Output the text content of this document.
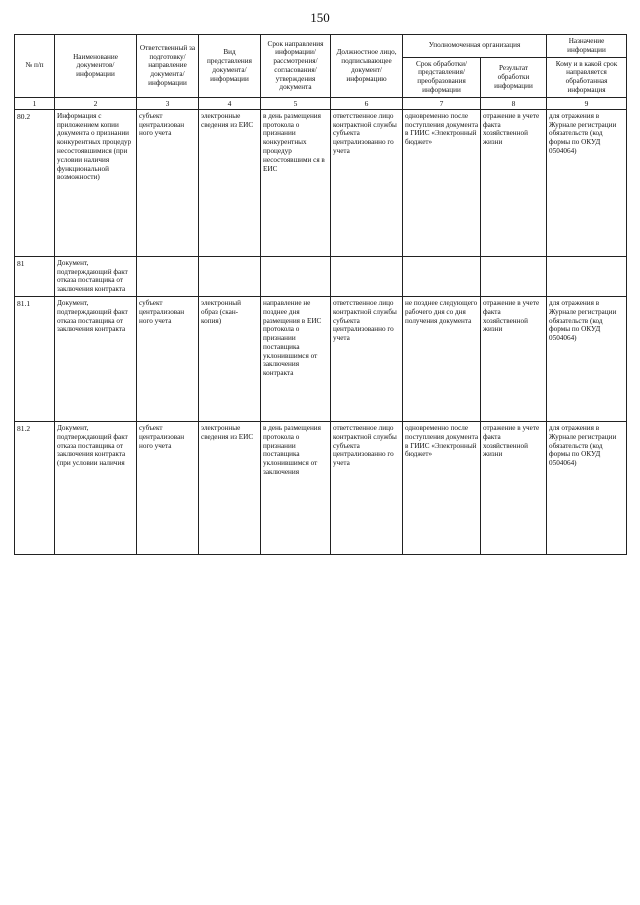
150
№ п/п	Наименование документов/ информации	Ответственный за подготовку/ направление документа/ информации	Вид представления документа/ информации	Срок направления информации/ рассмотрения/ согласования/ утверждения документа	Должностное лицо, подписывающее документ/ информацию	Уполномоченная организация		Назначение информации
						Срок обработки/ представления/ преобразования информации	Результат обработки информации	Кому и в какой срок направляется обработанная информация
1	2	3	4	5	6	7	8	9
80.2	Информация с приложением копии документа о признании конкурентных процедур несостоявшимися (при условии наличия функциональной возможности)	субъект централизован ного учета	электронные сведения из ЕИС	в день размещения протокола о признании конкурентных процедур несостоявшими ся в ЕИС	ответственное лицо контрактной службы субъекта централизованно го учета	одновременно после поступления документа в ГИИС «Электронный бюджет»	отражение в учете факта хозяйственной жизни	для отражения в Журнале регистрации обязательств (код формы по ОКУД 0504064)
81	Документ, подтверждающий факт отказа поставщика от заключения контракта							
81.1	Документ, подтверждающий факт отказа поставщика от заключения контракта	субъект централизован ного учета	электронный образ (скан-копия)	направление не позднее дня размещения в ЕИС протокола о признании поставщика уклонившимся от заключения контракта	ответственное лицо контрактной службы субъекта централизованно го учета	не позднее следующего рабочего дня со дня получения документа	отражение в учете факта хозяйственной жизни	для отражения в Журнале регистрации обязательств (код формы по ОКУД 0504064)
81.2	Документ, подтверждающий факт отказа поставщика от заключения контракта (при условии наличия	субъект централизован ного учета	электронные сведения из ЕИС	в день размещения протокола о признании поставщика уклонившимся от заключения	ответственное лицо контрактной службы субъекта централизованно го учета	одновременно после поступления документа в ГИИС «Электронный бюджет»	отражение в учете факта хозяйственной жизни	для отражения в Журнале регистрации обязательств (код формы по ОКУД 0504064)
